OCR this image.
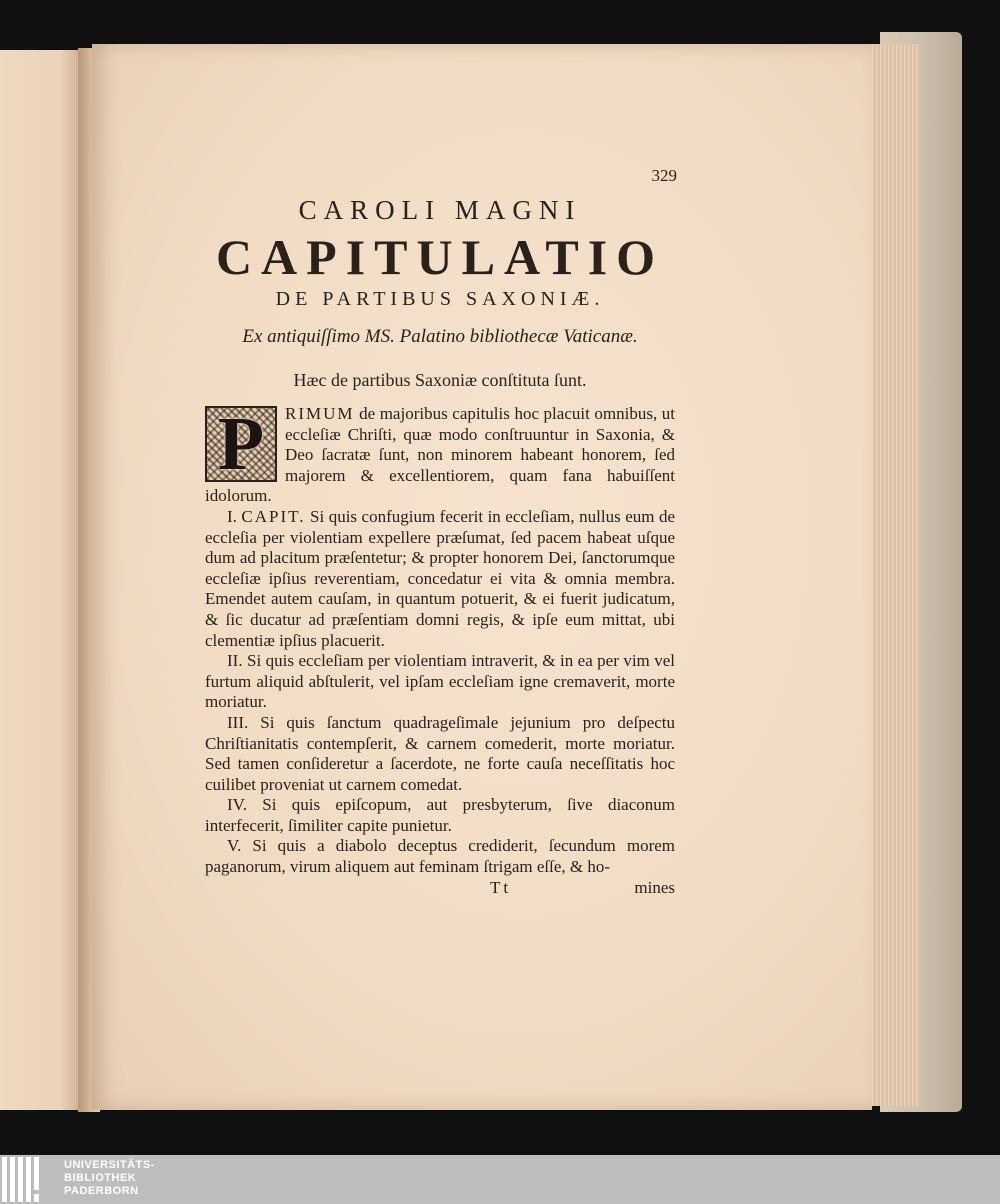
329
CAROLI MAGNI
CAPITULATIO
DE PARTIBUS SAXONIÆ.
Ex antiquiſſimo MS. Palatino bibliothecæ Vaticanæ.
Hæc de partibus Saxoniæ conſtituta ſunt.

P	RIMUM de majoribus capitulis hoc placuit omnibus, ut eccleſiæ Chriſti, quæ modo conſtruuntur in Saxonia, & Deo ſacratæ ſunt, non minorem habeant honorem, ſed majorem & excellentiorem, quam fana habuiſſent idolorum.

I. CAPIT. Si quis confugium fecerit in eccleſiam, nullus eum de eccleſia per violentiam expellere præſumat, ſed pacem habeat uſque dum ad placitum præſentetur; & propter honorem Dei, ſanctorumque eccleſiæ ipſius reverentiam, concedatur ei vita & omnia membra. Emendet autem cauſam, in quantum potuerit, & ei fuerit judicatum, & ſic ducatur ad præſentiam domni regis, & ipſe eum mittat, ubi clementiæ ipſius placuerit.

II. Si quis eccleſiam per violentiam intraverit, & in ea per vim vel furtum aliquid abſtulerit, vel ipſam eccleſiam igne cremaverit, morte moriatur.

III. Si quis ſanctum quadrageſimale jejunium pro deſpectu Chriſtianitatis contempſerit, & carnem comederit, morte moriatur. Sed tamen conſideretur a ſacerdote, ne forte cauſa neceſſitatis hoc cuilibet proveniat ut carnem comedat.

IV. Si quis epiſcopum, aut presbyterum, ſive diaconum interfecerit, ſimiliter capite punietur.

V. Si quis a diabolo deceptus crediderit, ſecundum morem paganorum, virum aliquem aut feminam ſtrigam eſſe, & ho-

Tt	mines
UNIVERSITÄTS-
BIBLIOTHEK
PADERBORN
